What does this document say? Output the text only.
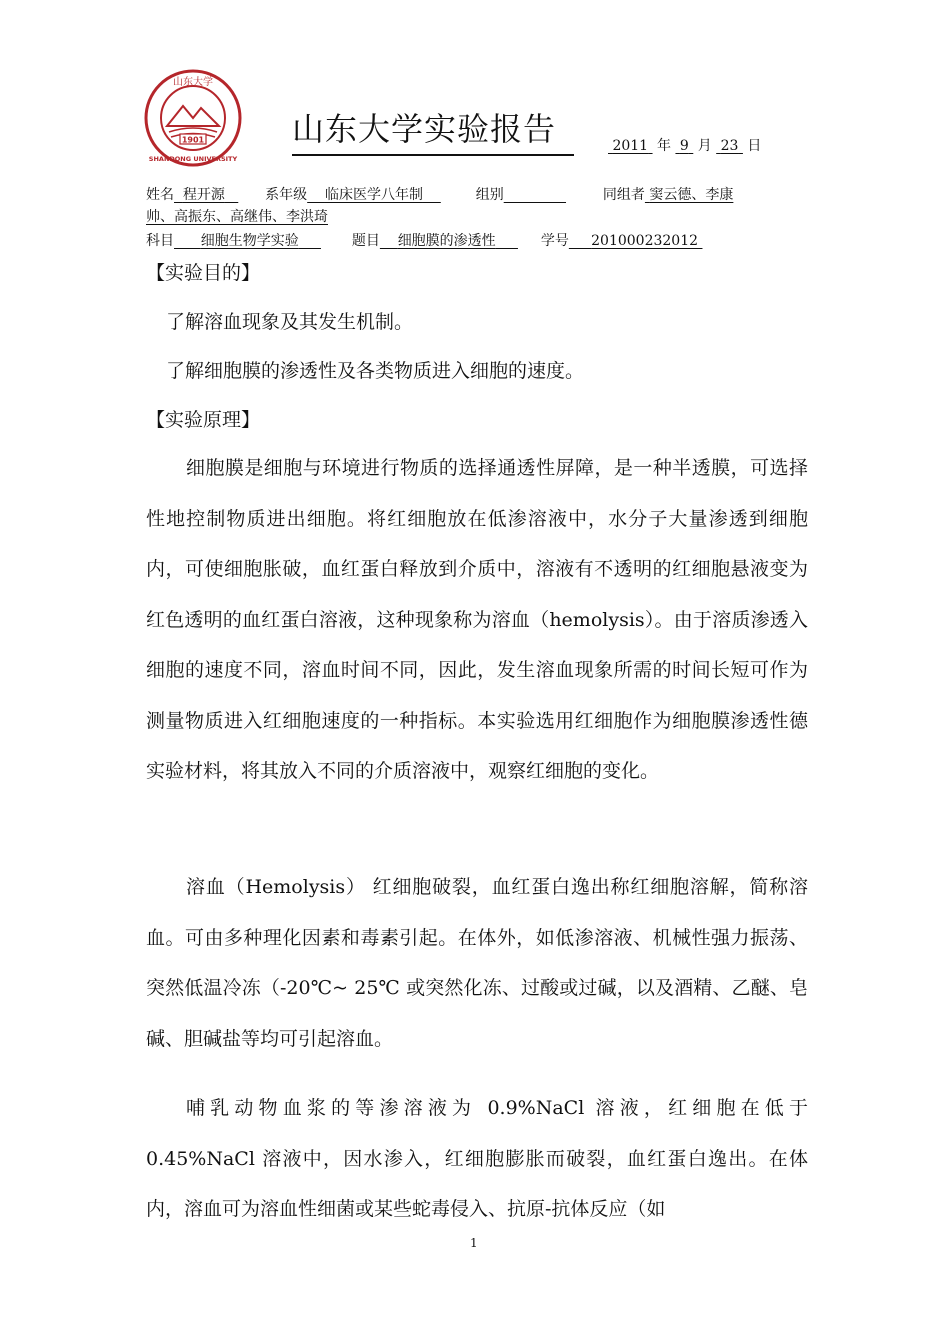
1901
山东大学
SHANDONG UNIVERSITY
山东大学实验报告	2011 年 9 月 23 日
姓名 程开源	系年级 临床医学八年制	组别	同组者 窦云德、李康
帅、高振东、高继伟、李洪琦
科目 细胞生物学实验	题目 细胞膜的渗透性	学号 201000232012
【实验目的】
了解溶血现象及其发生机制。
了解细胞膜的渗透性及各类物质进入细胞的速度。
【实验原理】
细胞膜是细胞与环境进行物质的选择通透性屏障，是一种半透膜，可选择性地控制物质进出细胞。将红细胞放在低渗溶液中，水分子大量渗透到细胞内，可使细胞胀破，血红蛋白释放到介质中，溶液有不透明的红细胞悬液变为红色透明的血红蛋白溶液，这种现象称为溶血（hemolysis）。由于溶质渗透入细胞的速度不同，溶血时间不同，因此，发生溶血现象所需的时间长短可作为测量物质进入红细胞速度的一种指标。本实验选用红细胞作为细胞膜渗透性德实验材料，将其放入不同的介质溶液中，观察红细胞的变化。
溶血（Hemolysis） 红细胞破裂，血红蛋白逸出称红细胞溶解，简称溶血。可由多种理化因素和毒素引起。在体外，如低渗溶液、机械性强力振荡、突然低温冷冻（-20℃~ 25℃ 或突然化冻、过酸或过碱，以及酒精、乙醚、皂碱、胆碱盐等均可引起溶血。
哺乳动物血浆的等渗溶液为 0.9%NaCl 溶液，红细胞在低于 0.45%NaCl 溶液中，因水渗入，红细胞膨胀而破裂，血红蛋白逸出。在体内，溶血可为溶血性细菌或某些蛇毒侵入、抗原-抗体反应（如
1
